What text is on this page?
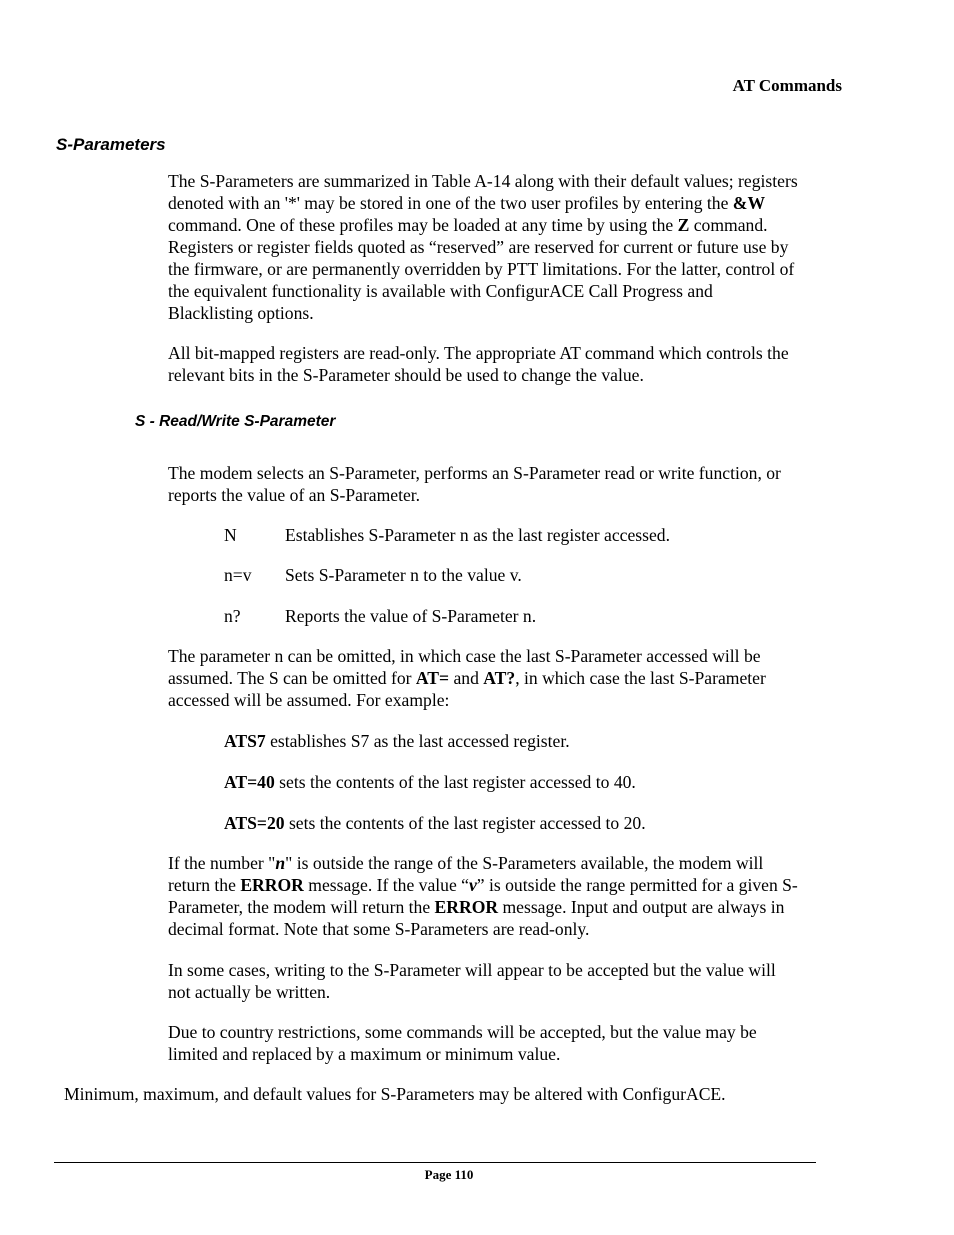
AT Commands
S-Parameters
The S-Parameters are summarized in Table A-14 along with their default values; registers
denoted with an '*' may be stored in one of the two user profiles by entering the &W
command. One of these profiles may be loaded at any time by using the Z command.
Registers or register fields quoted as “reserved” are reserved for current or future use by
the firmware, or are permanently overridden by PTT limitations. For the latter, control of
the equivalent functionality is available with ConfigurACE Call Progress and
Blacklisting options.
All bit-mapped registers are read-only. The appropriate AT command which controls the
relevant bits in the S-Parameter should be used to change the value.
S - Read/Write S-Parameter
The modem selects an S-Parameter, performs an S-Parameter read or write function, or
reports the value of an S-Parameter.
N	Establishes S-Parameter n as the last register accessed.
n=v Sets S-Parameter n to the value v.
n?	Reports the value of S-Parameter n.
The parameter n can be omitted, in which case the last S-Parameter accessed will be
assumed. The S can be omitted for AT= and AT?, in which case the last S-Parameter
accessed will be assumed. For example:
ATS7 establishes S7 as the last accessed register.
AT=40 sets the contents of the last register accessed to 40.
ATS=20 sets the contents of the last register accessed to 20.
If the number "n" is outside the range of the S-Parameters available, the modem will
return the ERROR message. If the value “v” is outside the range permitted for a given S-
Parameter, the modem will return the ERROR message. Input and output are always in
decimal format. Note that some S-Parameters are read-only.
In some cases, writing to the S-Parameter will appear to be accepted but the value will
not actually be written.
Due to country restrictions, some commands will be accepted, but the value may be
limited and replaced by a maximum or minimum value.
Minimum, maximum, and default values for S-Parameters may be altered with ConfigurACE.
Page 110
